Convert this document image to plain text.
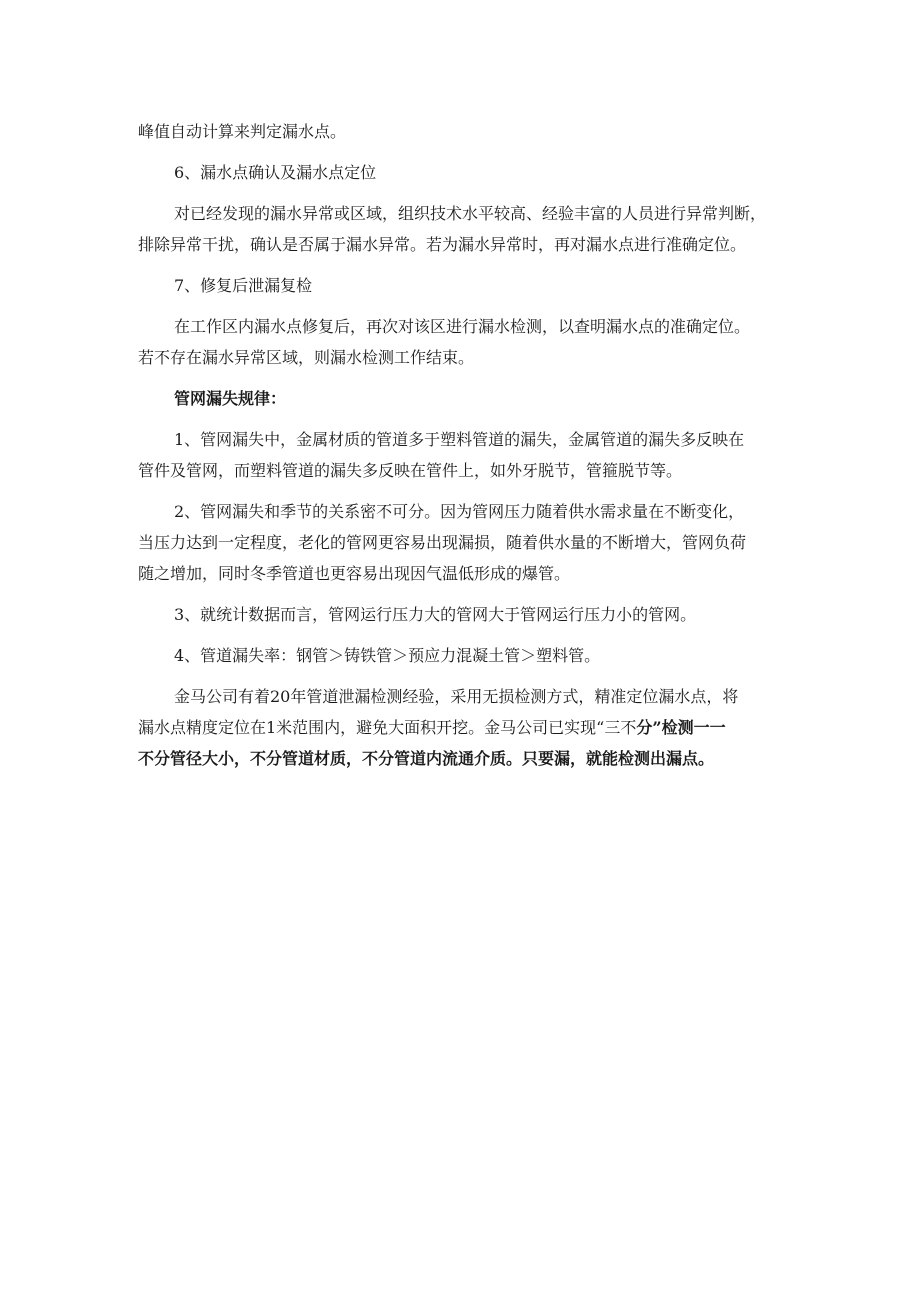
峰值自动计算来判定漏水点。

6、漏水点确认及漏水点定位

对已经发现的漏水异常或区域，组织技术水平较高、经验丰富的人员进行异常判断，
排除异常干扰，确认是否属于漏水异常。若为漏水异常时，再对漏水点进行准确定位。

7、修复后泄漏复检

在工作区内漏水点修复后，再次对该区进行漏水检测，以查明漏水点的准确定位。
若不存在漏水异常区域，则漏水检测工作结束。

管网漏失规律：

1、管网漏失中，金属材质的管道多于塑料管道的漏失，金属管道的漏失多反映在
管件及管网，而塑料管道的漏失多反映在管件上，如外牙脱节，管箍脱节等。

2、管网漏失和季节的关系密不可分。因为管网压力随着供水需求量在不断变化，
当压力达到一定程度，老化的管网更容易出现漏损，随着供水量的不断增大，管网负荷
随之增加，同时冬季管道也更容易出现因气温低形成的爆管。

3、就统计数据而言，管网运行压力大的管网大于管网运行压力小的管网。

4、管道漏失率：钢管＞铸铁管＞预应力混凝土管＞塑料管。

金马公司有着20年管道泄漏检测经验，采用无损检测方式，精准定位漏水点，将
漏水点精度定位在1米范围内，避免大面积开挖。金马公司已实现“三不分”检测一一
不分管径大小，不分管道材质，不分管道内流通介质。只要漏，就能检测出漏点。
